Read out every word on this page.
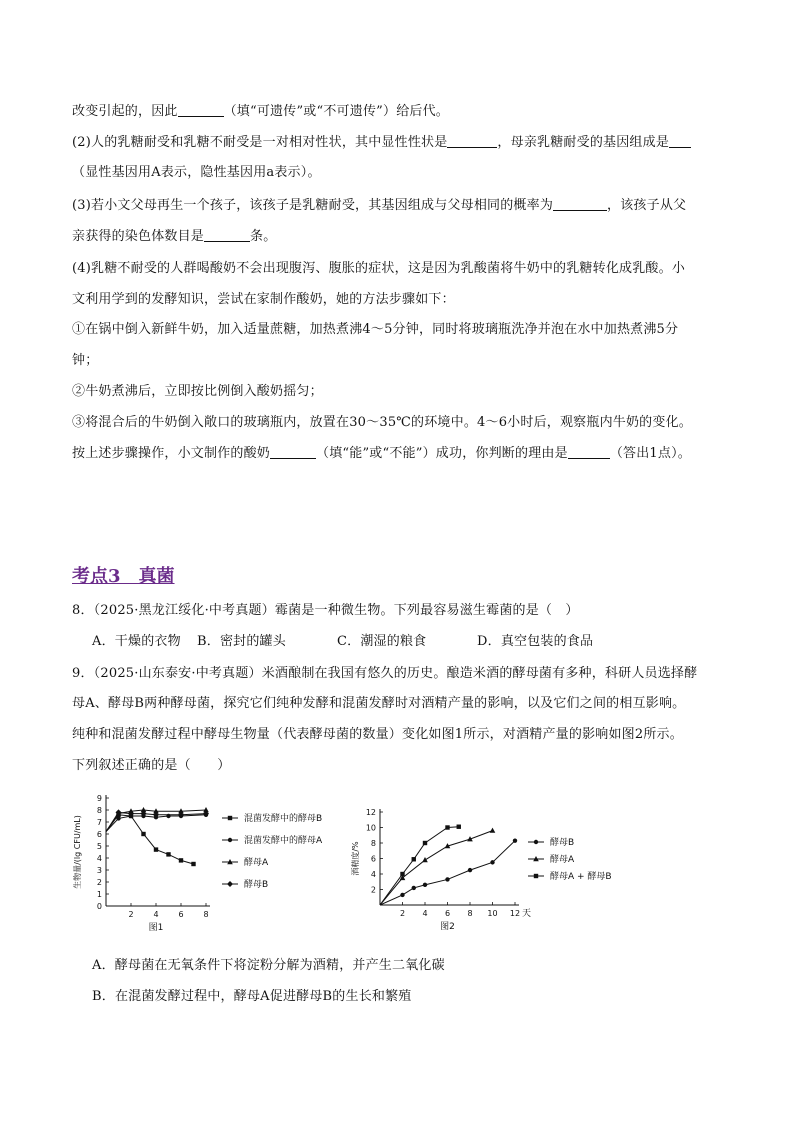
改变引起的，因此	（填“可遗传”或“不可遗传”）给后代。
(2)人的乳糖耐受和乳糖不耐受是一对相对性状，其中显性性状是	，母亲乳糖耐受的基因组成是
（显性基因用A表示，隐性基因用a表示）。
(3)若小文父母再生一个孩子，该孩子是乳糖耐受，其基因组成与父母相同的概率为	，该孩子从父
亲获得的染色体数目是	条。
(4)乳糖不耐受的人群喝酸奶不会出现腹泻、腹胀的症状，这是因为乳酸菌将牛奶中的乳糖转化成乳酸。小
文利用学到的发酵知识，尝试在家制作酸奶，她的方法步骤如下：
①在锅中倒入新鲜牛奶，加入适量蔗糖，加热煮沸4～5分钟，同时将玻璃瓶洗净并泡在水中加热煮沸5分
钟；
②牛奶煮沸后，立即按比例倒入酸奶摇匀；
③将混合后的牛奶倒入敞口的玻璃瓶内，放置在30～35℃的环境中。4～6小时后，观察瓶内牛奶的变化。
按上述步骤操作，小文制作的酸奶	（填“能”或“不能”）成功，你判断的理由是	（答出1点）。
考点3　真菌
8．（2025·黑龙江绥化·中考真题）霉菌是一种微生物。下列最容易滋生霉菌的是（　）
A．干燥的衣物 B．密封的罐头	C．潮湿的粮食	D．真空包装的食品
9．（2025·山东泰安·中考真题）米酒酿制在我国有悠久的历史。酿造米酒的酵母菌有多种，科研人员选择酵
母A、酵母B两种酵母菌，探究它们纯种发酵和混菌发酵时对酒精产量的影响，以及它们之间的相互影响。
纯种和混菌发酵过程中酵母生物量（代表酵母菌的数量）变化如图1所示，对酒精产量的影响如图2所示。
下列叙述正确的是（　　）
2 4 6 8
0
1
2
3
4
5
6
7
8
9
生物量/(lg CFU/mL)
图1
混菌发酵中的酵母B
混菌发酵中的酵母A
酵母A
酵母B
2 4 6 8 10 12
2
4
6
8
10
12
酒精度/%
天
图2
酵母B
酵母A
酵母A + 酵母B
A．酵母菌在无氧条件下将淀粉分解为酒精，并产生二氧化碳
B．在混菌发酵过程中，酵母A促进酵母B的生长和繁殖
